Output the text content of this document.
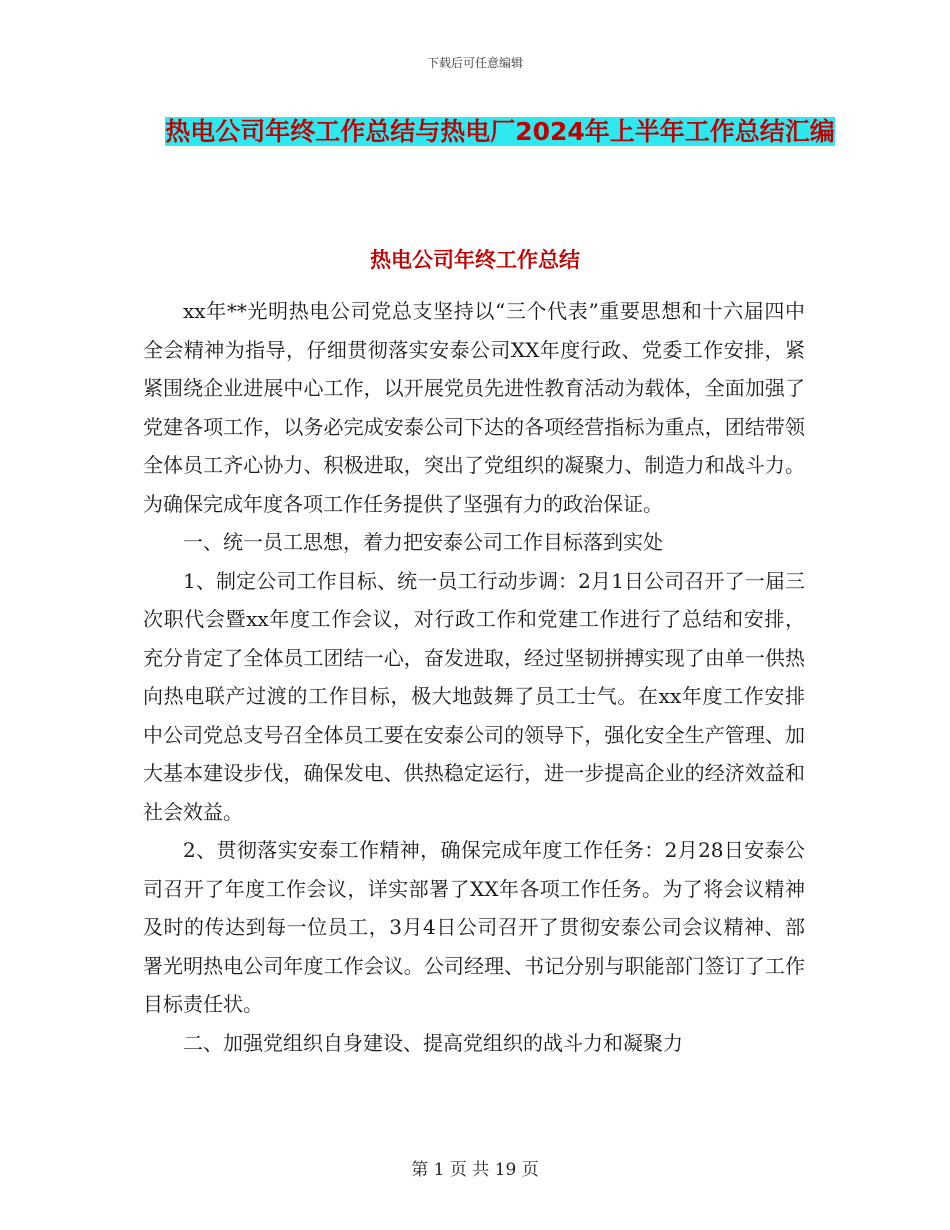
下载后可任意编辑
热电公司年终工作总结与热电厂2024年上半年工作总结汇编
热电公司年终工作总结

xx年**光明热电公司党总支坚持以“三个代表”重要思想和十六届四中全会精神为指导，仔细贯彻落实安泰公司XX年度行政、党委工作安排，紧紧围绕企业进展中心工作，以开展党员先进性教育活动为载体，全面加强了党建各项工作，以务必完成安泰公司下达的各项经营指标为重点，团结带领全体员工齐心协力、积极进取，突出了党组织的凝聚力、制造力和战斗力。为确保完成年度各项工作任务提供了坚强有力的政治保证。

一、统一员工思想，着力把安泰公司工作目标落到实处

1、制定公司工作目标、统一员工行动步调：2月1日公司召开了一届三次职代会暨xx年度工作会议，对行政工作和党建工作进行了总结和安排，充分肯定了全体员工团结一心，奋发进取，经过坚韧拼搏实现了由单一供热向热电联产过渡的工作目标，极大地鼓舞了员工士气。在xx年度工作安排中公司党总支号召全体员工要在安泰公司的领导下，强化安全生产管理、加大基本建设步伐，确保发电、供热稳定运行，进一步提高企业的经济效益和社会效益。

2、贯彻落实安泰工作精神，确保完成年度工作任务：2月28日安泰公司召开了年度工作会议，详实部署了XX年各项工作任务。为了将会议精神及时的传达到每一位员工，3月4日公司召开了贯彻安泰公司会议精神、部署光明热电公司年度工作会议。公司经理、书记分别与职能部门签订了工作目标责任状。

二、加强党组织自身建设、提高党组织的战斗力和凝聚力

第 1 页 共 19 页
